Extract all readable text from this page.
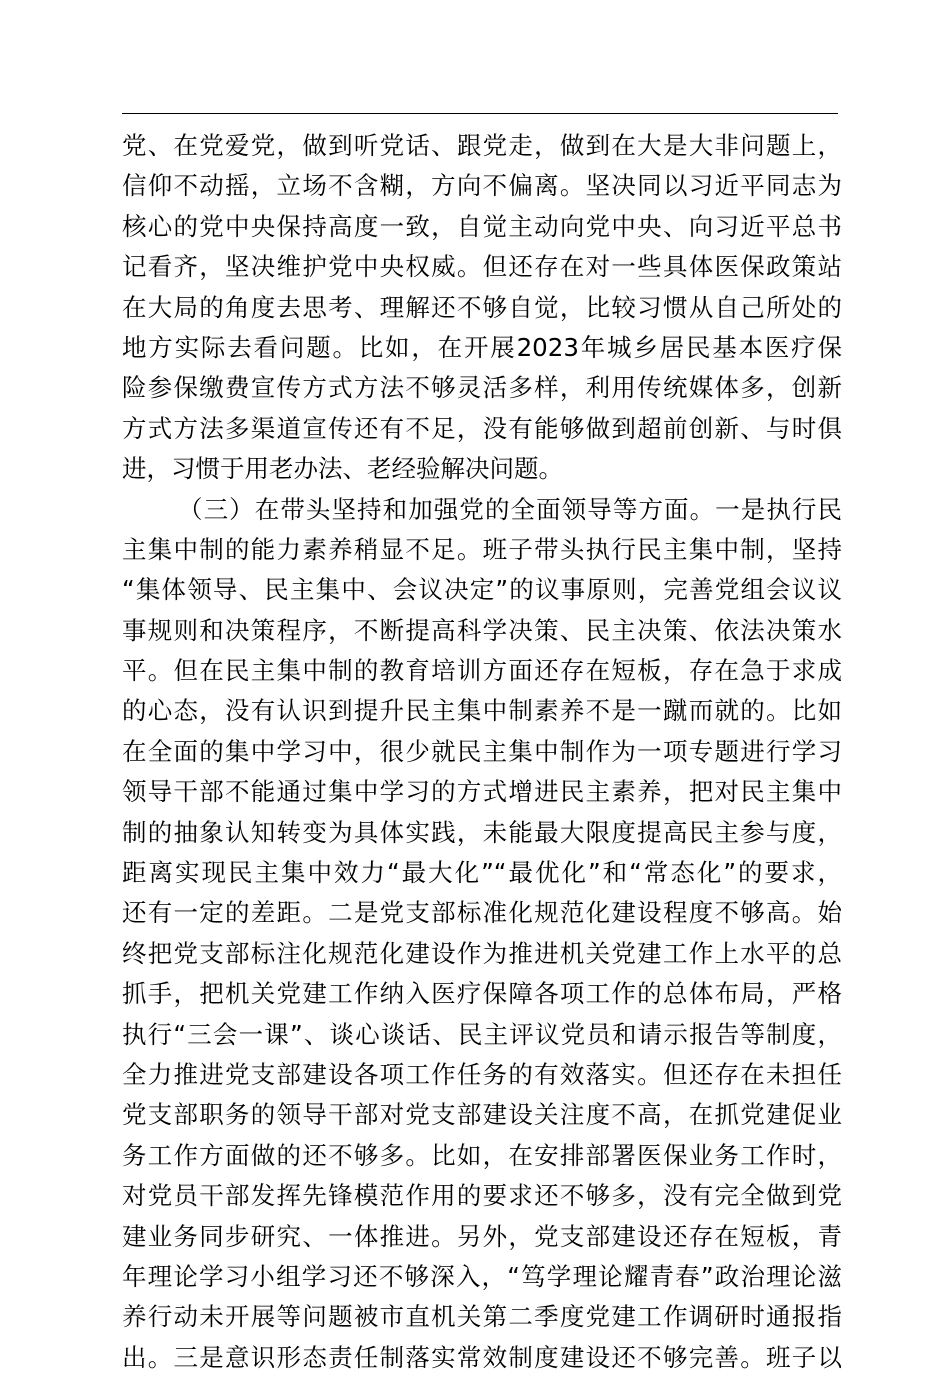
党、在党爱党，做到听党话、跟党走，做到在大是大非问题上，
信仰不动摇，立场不含糊，方向不偏离。坚决同以习近平同志为
核心的党中央保持高度一致，自觉主动向党中央、向习近平总书
记看齐，坚决维护党中央权威。但还存在对一些具体医保政策站
在大局的角度去思考、理解还不够自觉，比较习惯从自己所处的
地方实际去看问题。比如，在开展2023年城乡居民基本医疗保
险参保缴费宣传方式方法不够灵活多样，利用传统媒体多，创新
方式方法多渠道宣传还有不足，没有能够做到超前创新、与时俱
进，习惯于用老办法、老经验解决问题。
（三）在带头坚持和加强党的全面领导等方面。一是执行民
主集中制的能力素养稍显不足。班子带头执行民主集中制，坚持
“集体领导、民主集中、会议决定”的议事原则，完善党组会议议
事规则和决策程序，不断提高科学决策、民主决策、依法决策水
平。但在民主集中制的教育培训方面还存在短板，存在急于求成
的心态，没有认识到提升民主集中制素养不是一蹴而就的。比如
在全面的集中学习中，很少就民主集中制作为一项专题进行学习
领导干部不能通过集中学习的方式增进民主素养，把对民主集中
制的抽象认知转变为具体实践，未能最大限度提高民主参与度，
距离实现民主集中效力“最大化”“最优化”和“常态化”的要求，
还有一定的差距。二是党支部标准化规范化建设程度不够高。始
终把党支部标注化规范化建设作为推进机关党建工作上水平的总
抓手，把机关党建工作纳入医疗保障各项工作的总体布局，严格
执行“三会一课”、谈心谈话、民主评议党员和请示报告等制度，
全力推进党支部建设各项工作任务的有效落实。但还存在未担任
党支部职务的领导干部对党支部建设关注度不高，在抓党建促业
务工作方面做的还不够多。比如，在安排部署医保业务工作时，
对党员干部发挥先锋模范作用的要求还不够多，没有完全做到党
建业务同步研究、一体推进。另外，党支部建设还存在短板，青
年理论学习小组学习还不够深入，“笃学理论耀青春”政治理论滋
养行动未开展等问题被市直机关第二季度党建工作调研时通报指
出。三是意识形态责任制落实常效制度建设还不够完善。班子以
